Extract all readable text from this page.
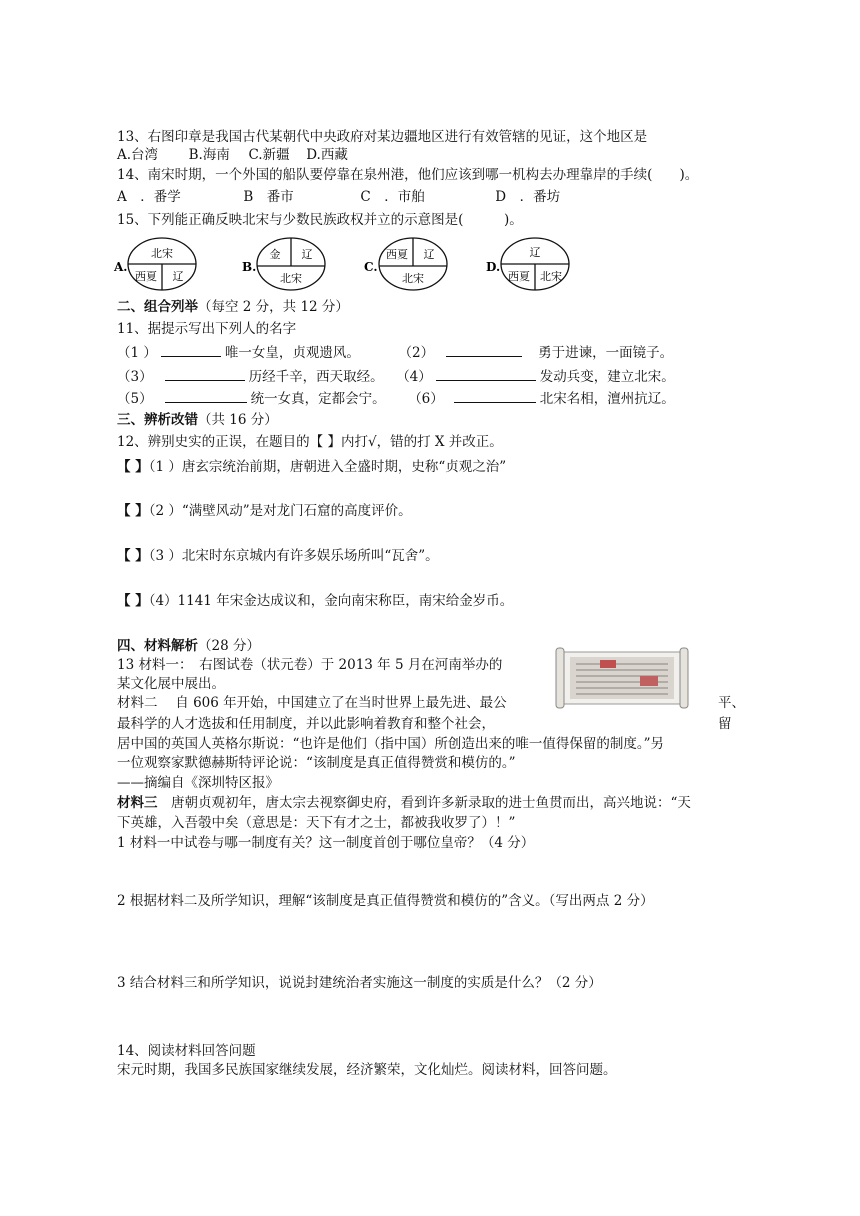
13、右图印章是我国古代某朝代中央政府对某边疆地区进行有效管辖的见证，这个地区是
A.台湾 B.海南 C.新疆 D.西藏
14、南宋时期，一个外国的船队要停靠在泉州港，他们应该到哪一机构去办理靠岸的手续(　　)。
A　．番学	B　番市	C　．市舶	D　．番坊
15、下列能正确反映北宋与少数民族政权并立的示意图是(　　　)。
A.
北宋
西夏 辽
B.
金 辽
北宋
C.
西夏 辽
北宋
D.
辽
西夏 北宋
二、组合列举（每空 2 分，共 12 分）
11、据提示写出下列人的名字
（1 ）	唯一女皇，贞观遗风。	（2）	勇于进谏，一面镜子。
（3）	历经千辛，西天取经。 （4）	发动兵变，建立北宋。
（5）	统一女真，定都会宁。 （6）	北宋名相，澶州抗辽。
三、辨析改错（共 16 分）
12、辨别史实的正误，在题目的【 】内打√，错的打 X 并改正。
【 】（1 ）唐玄宗统治前期，唐朝进入全盛时期，史称“贞观之治”
【 】（2 ）“满壁风动”是对龙门石窟的高度评价。
【 】（3 ）北宋时东京城内有许多娱乐场所叫“瓦舍”。
【 】（4）1141 年宋金达成议和，金向南宋称臣，南宋给金岁币。
四、材料解析（28 分）
13 材料一：　右图试卷（状元卷）于 2013 年 5 月在河南举办的
某文化展中展出。
材料二　 自 606 年开始，中国建立了在当时世界上最先进、最公	平、
最科学的人才选拔和任用制度，并以此影响着教育和整个社会，	留
居中国的英国人英格尔斯说：“也许是他们（指中国）所创造出来的唯一值得保留的制度。”另
一位观察家默德赫斯特评论说：“该制度是真正值得赞赏和模仿的。”
——摘编自《深圳特区报》
材料三　唐朝贞观初年，唐太宗去视察御史府，看到许多新录取的进士鱼贯而出，高兴地说：“天
下英雄，入吾彀中矣（意思是：天下有才之士，都被我收罗了）！”
1 材料一中试卷与哪一制度有关？这一制度首创于哪位皇帝？（4 分）
2 根据材料二及所学知识，理解“该制度是真正值得赞赏和模仿的”含义。（写出两点 2 分）
3 结合材料三和所学知识，说说封建统治者实施这一制度的实质是什么？（2 分）
14、阅读材料回答问题
宋元时期，我国多民族国家继续发展，经济繁荣，文化灿烂。阅读材料，回答问题。
